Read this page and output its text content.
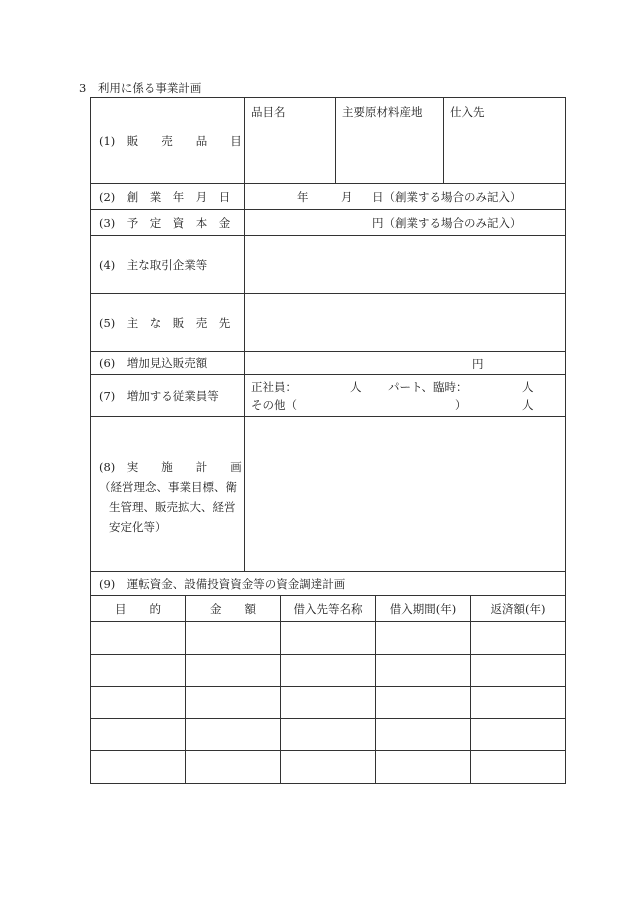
3　利用に係る事業計画
(1)　販　　売　　品　　目
品目名	主要原材料産地	仕入先
(2)　創　業　年　月　日	年	月 日（創業する場合のみ記入）
(3)　予　定　資　本　金	円（創業する場合のみ記入）
(4)　主な取引企業等
(5)　主　な　販　売　先
(6)　増加見込販売額	円
(7)　増加する従業員等
正社員：	人 パート、臨時：	人
その他（	）	人
(8)　実　　施　　計　　画
（経営理念、事業目標、衛生管理、販売拡大、経営安定化等）
(9)　運転資金、設備投資資金等の資金調達計画
目　　的	金　　額	借入先等名称	借入期間(年)	返済額(年)
